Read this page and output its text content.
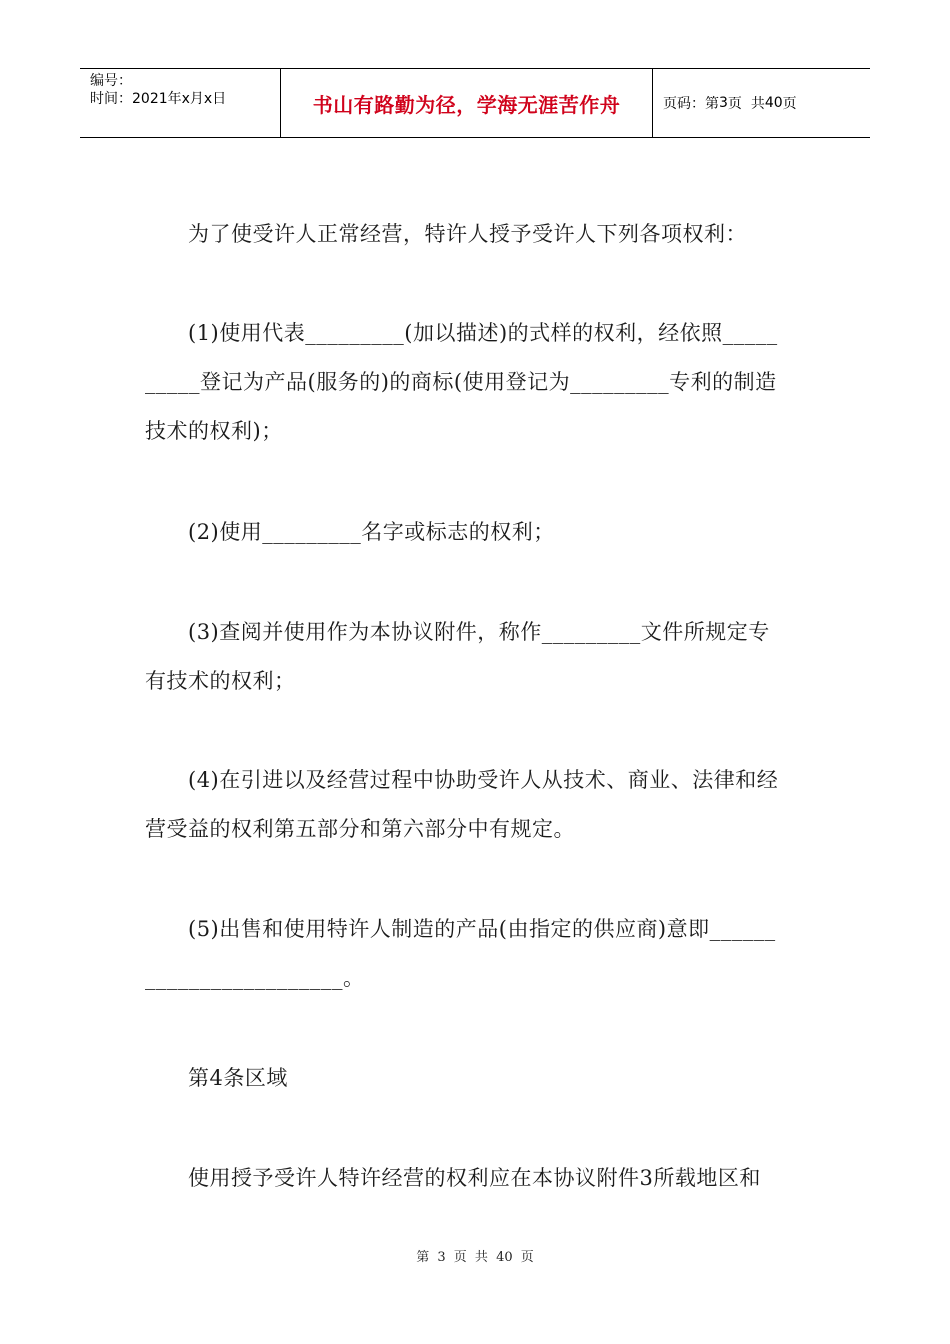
编号：
时间：2021年x月x日	书山有路勤为径，学海无涯苦作舟	页码：第 3 页  共 40 页
　　为了使受许人正常经营，特许人授予受许人下列各项权利：
　　(1)使用代表_________(加以描述)的式样的权利，经依照_____
_____登记为产品(服务的)的商标(使用登记为_________专利的制造
技术的权利)；
　　(2)使用_________名字或标志的权利；
　　(3)查阅并使用作为本协议附件，称作_________文件所规定专
有技术的权利；
　　(4)在引进以及经营过程中协助受许人从技术、商业、法律和经
营受益的权利第五部分和第六部分中有规定。
　　(5)出售和使用特许人制造的产品(由指定的供应商)意即______
__________________。
　　第4条区域
　　使用授予受许人特许经营的权利应在本协议附件3所载地区和
第 3 页 共 40 页
